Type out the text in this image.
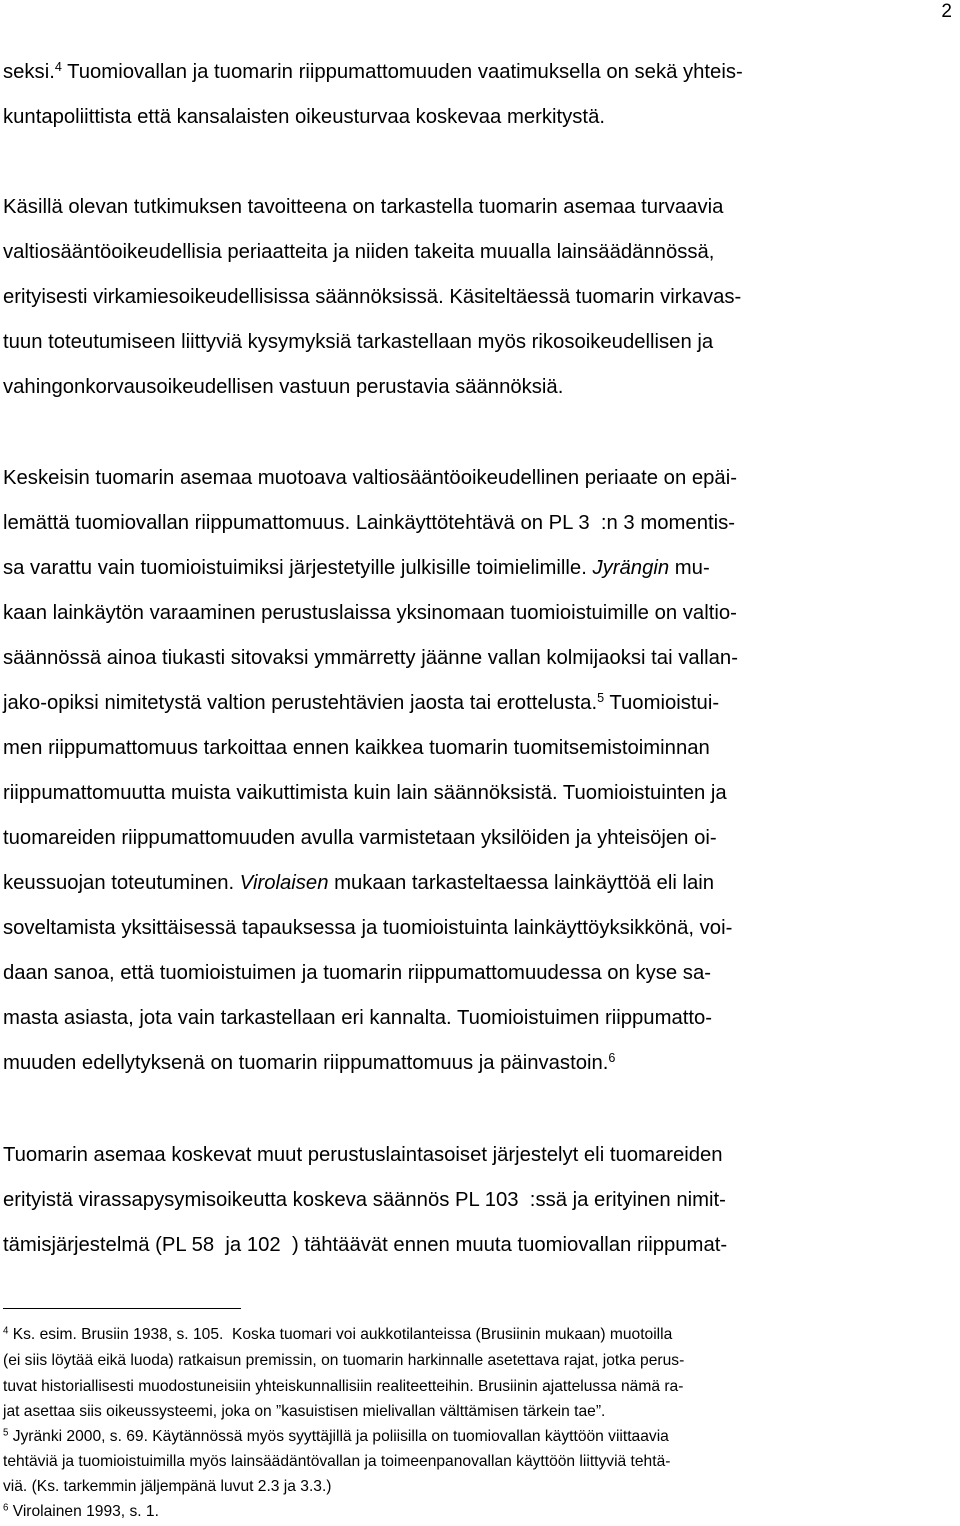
2
seksi.$^4$ Tuomiovallan ja tuomarin riippumattomuuden vaatimuksella on sekä yhteis-
kuntapoliittista että kansalaisten oikeusturvaa koskevaa merkitystä.
Käsillä olevan tutkimuksen tavoitteena on tarkastella tuomarin asemaa turvaavia
valtiosääntöoikeudellisia periaatteita ja niiden takeita muualla lainsäädännössä,
erityisesti virkamiesoikeudellisissa säännöksissä. Käsiteltäessä tuomarin virkavas-
tuun toteutumiseen liittyviä kysymyksiä tarkastellaan myös rikosoikeudellisen ja
vahingonkorvausoikeudellisen vastuun perustavia säännöksiä.
Keskeisin tuomarin asemaa muotoava valtiosääntöoikeudellinen periaate on epäi-
lemättä tuomiovallan riippumattomuus. Lainkäyttötehtävä on PL 3  :n 3 momentis-
sa varattu vain tuomioistuimiksi järjestetyille julkisille toimielimille. Jyrängin mu-
kaan lainkäytön varaaminen perustuslaissa yksinomaan tuomioistuimille on valtio-
säännössä ainoa tiukasti sitovaksi ymmärretty jäänne vallan kolmijaoksi tai vallan-
jako-opiksi nimitetystä valtion perustehtävien jaosta tai erottelusta.$^5$ Tuomioistui-
men riippumattomuus tarkoittaa ennen kaikkea tuomarin tuomitsemistoiminnan
riippumattomuutta muista vaikuttimista kuin lain säännöksistä. Tuomioistuinten ja
tuomareiden riippumattomuuden avulla varmistetaan yksilöiden ja yhteisöjen oi-
keussuojan toteutuminen. Virolaisen mukaan tarkasteltaessa lainkäyttöä eli lain
soveltamista yksittäisessä tapauksessa ja tuomioistuinta lainkäyttöyksikkönä, voi-
daan sanoa, että tuomioistuimen ja tuomarin riippumattomuudessa on kyse sa-
masta asiasta, jota vain tarkastellaan eri kannalta. Tuomioistuimen riippumatto-
muuden edellytyksenä on tuomarin riippumattomuus ja päinvastoin.$^6$
Tuomarin asemaa koskevat muut perustuslaintasoiset järjestelyt eli tuomareiden
erityistä virassapysymisoikeutta koskeva säännös PL 103  :ssä ja erityinen nimit-
tämisjärjestelmä (PL 58  ja 102  ) tähtäävät ennen muuta tuomiovallan riippumat-
$^4$ Ks. esim. Brusiin 1938, s. 105.  Koska tuomari voi aukkotilanteissa (Brusiinin mukaan) muotoilla
(ei siis löytää eikä luoda) ratkaisun premissin, on tuomarin harkinnalle asetettava rajat, jotka perus-
tuvat historiallisesti muodostuneisiin yhteiskunnallisiin realiteetteihin. Brusiinin ajattelussa nämä ra-
jat asettaa siis oikeussysteemi, joka on ”kasuistisen mielivallan välttämisen tärkein tae”.
$^5$ Jyränki 2000, s. 69. Käytännössä myös syyttäjillä ja poliisilla on tuomiovallan käyttöön viittaavia
tehtäviä ja tuomioistuimilla myös lainsäädäntövallan ja toimeenpanovallan käyttöön liittyviä tehtä-
viä. (Ks. tarkemmin jäljempänä luvut 2.3 ja 3.3.)
$^6$ Virolainen 1993, s. 1.
